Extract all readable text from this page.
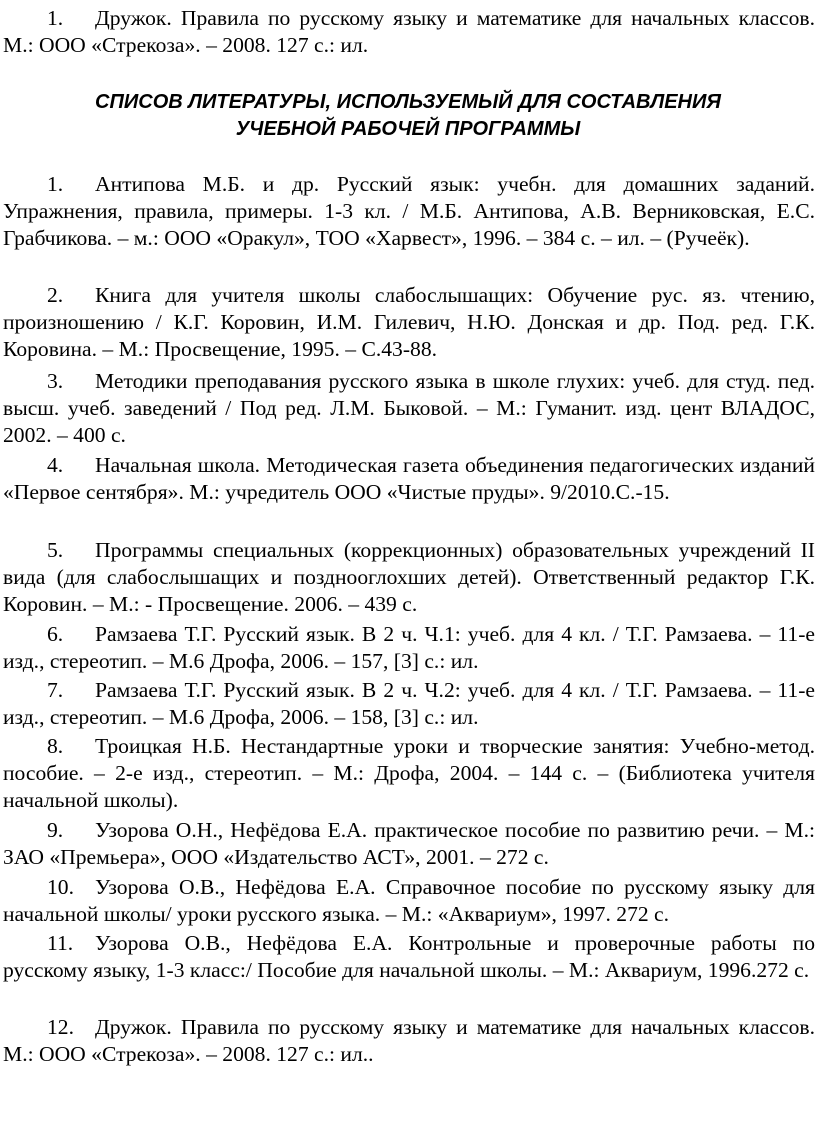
1. Дружок. Правила по русскому языку и математике для начальных классов. М.: ООО «Стрекоза». – 2008. 127 с.: ил.

СПИСОВ ЛИТЕРАТУРЫ, ИСПОЛЬЗУЕМЫЙ ДЛЯ СОСТАВЛЕНИЯ
УЧЕБНОЙ РАБОЧЕЙ ПРОГРАММЫ

1. Антипова М.Б. и др. Русский язык: учебн. для домашних заданий. Упражнения, правила, примеры. 1-3 кл. / М.Б. Антипова, А.В. Верниковская, Е.С. Грабчикова. – м.: ООО «Оракул», ТОО «Харвест», 1996. – 384 с. – ил. – (Ручеёк).

2. Книга для учителя школы слабослышащих: Обучение рус. яз. чтению, произношению / К.Г. Коровин, И.М. Гилевич, Н.Ю. Донская и др. Под. ред. Г.К. Коровина. – М.: Просвещение, 1995. – С.43-88.

3. Методики преподавания русского языка в школе глухих: учеб. для студ. пед. высш. учеб. заведений / Под ред. Л.М. Быковой. – М.: Гуманит. изд. цент ВЛАДОС, 2002. – 400 с.

4. Начальная школа. Методическая газета объединения педагогических изданий «Первое сентября». М.: учредитель ООО «Чистые пруды». 9/2010.С.-15.

5. Программы специальных (коррекционных) образовательных учреждений II вида (для слабослышащих и позднооглохших детей). Ответственный редактор Г.К. Коровин. – М.: - Просвещение. 2006. – 439 с.

6. Рамзаева Т.Г. Русский язык. В 2 ч. Ч.1: учеб. для 4 кл. / Т.Г. Рамзаева. – 11-е изд., стереотип. – М.6 Дрофа, 2006. – 157, [3] с.: ил.

7. Рамзаева Т.Г. Русский язык. В 2 ч. Ч.2: учеб. для 4 кл. / Т.Г. Рамзаева. – 11-е изд., стереотип. – М.6 Дрофа, 2006. – 158, [3] с.: ил.

8. Троицкая Н.Б. Нестандартные уроки и творческие занятия: Учебно-метод. пособие. – 2-е изд., стереотип. – М.: Дрофа, 2004. – 144 с. – (Библиотека учителя начальной школы).

9. Узорова О.Н., Нефёдова Е.А. практическое пособие по развитию речи. – М.: ЗАО «Премьера», ООО «Издательство АСТ», 2001. – 272 с.

10. Узорова О.В., Нефёдова Е.А. Справочное пособие по русскому языку для начальной школы/ уроки русского языка. – М.: «Аквариум», 1997. 272 с.

11. Узорова О.В., Нефёдова Е.А. Контрольные и проверочные работы по русскому языку, 1-3 класс:/ Пособие для начальной школы. – М.: Аквариум, 1996.272 с.

12. Дружок. Правила по русскому языку и математике для начальных классов. М.: ООО «Стрекоза». – 2008. 127 с.: ил..
